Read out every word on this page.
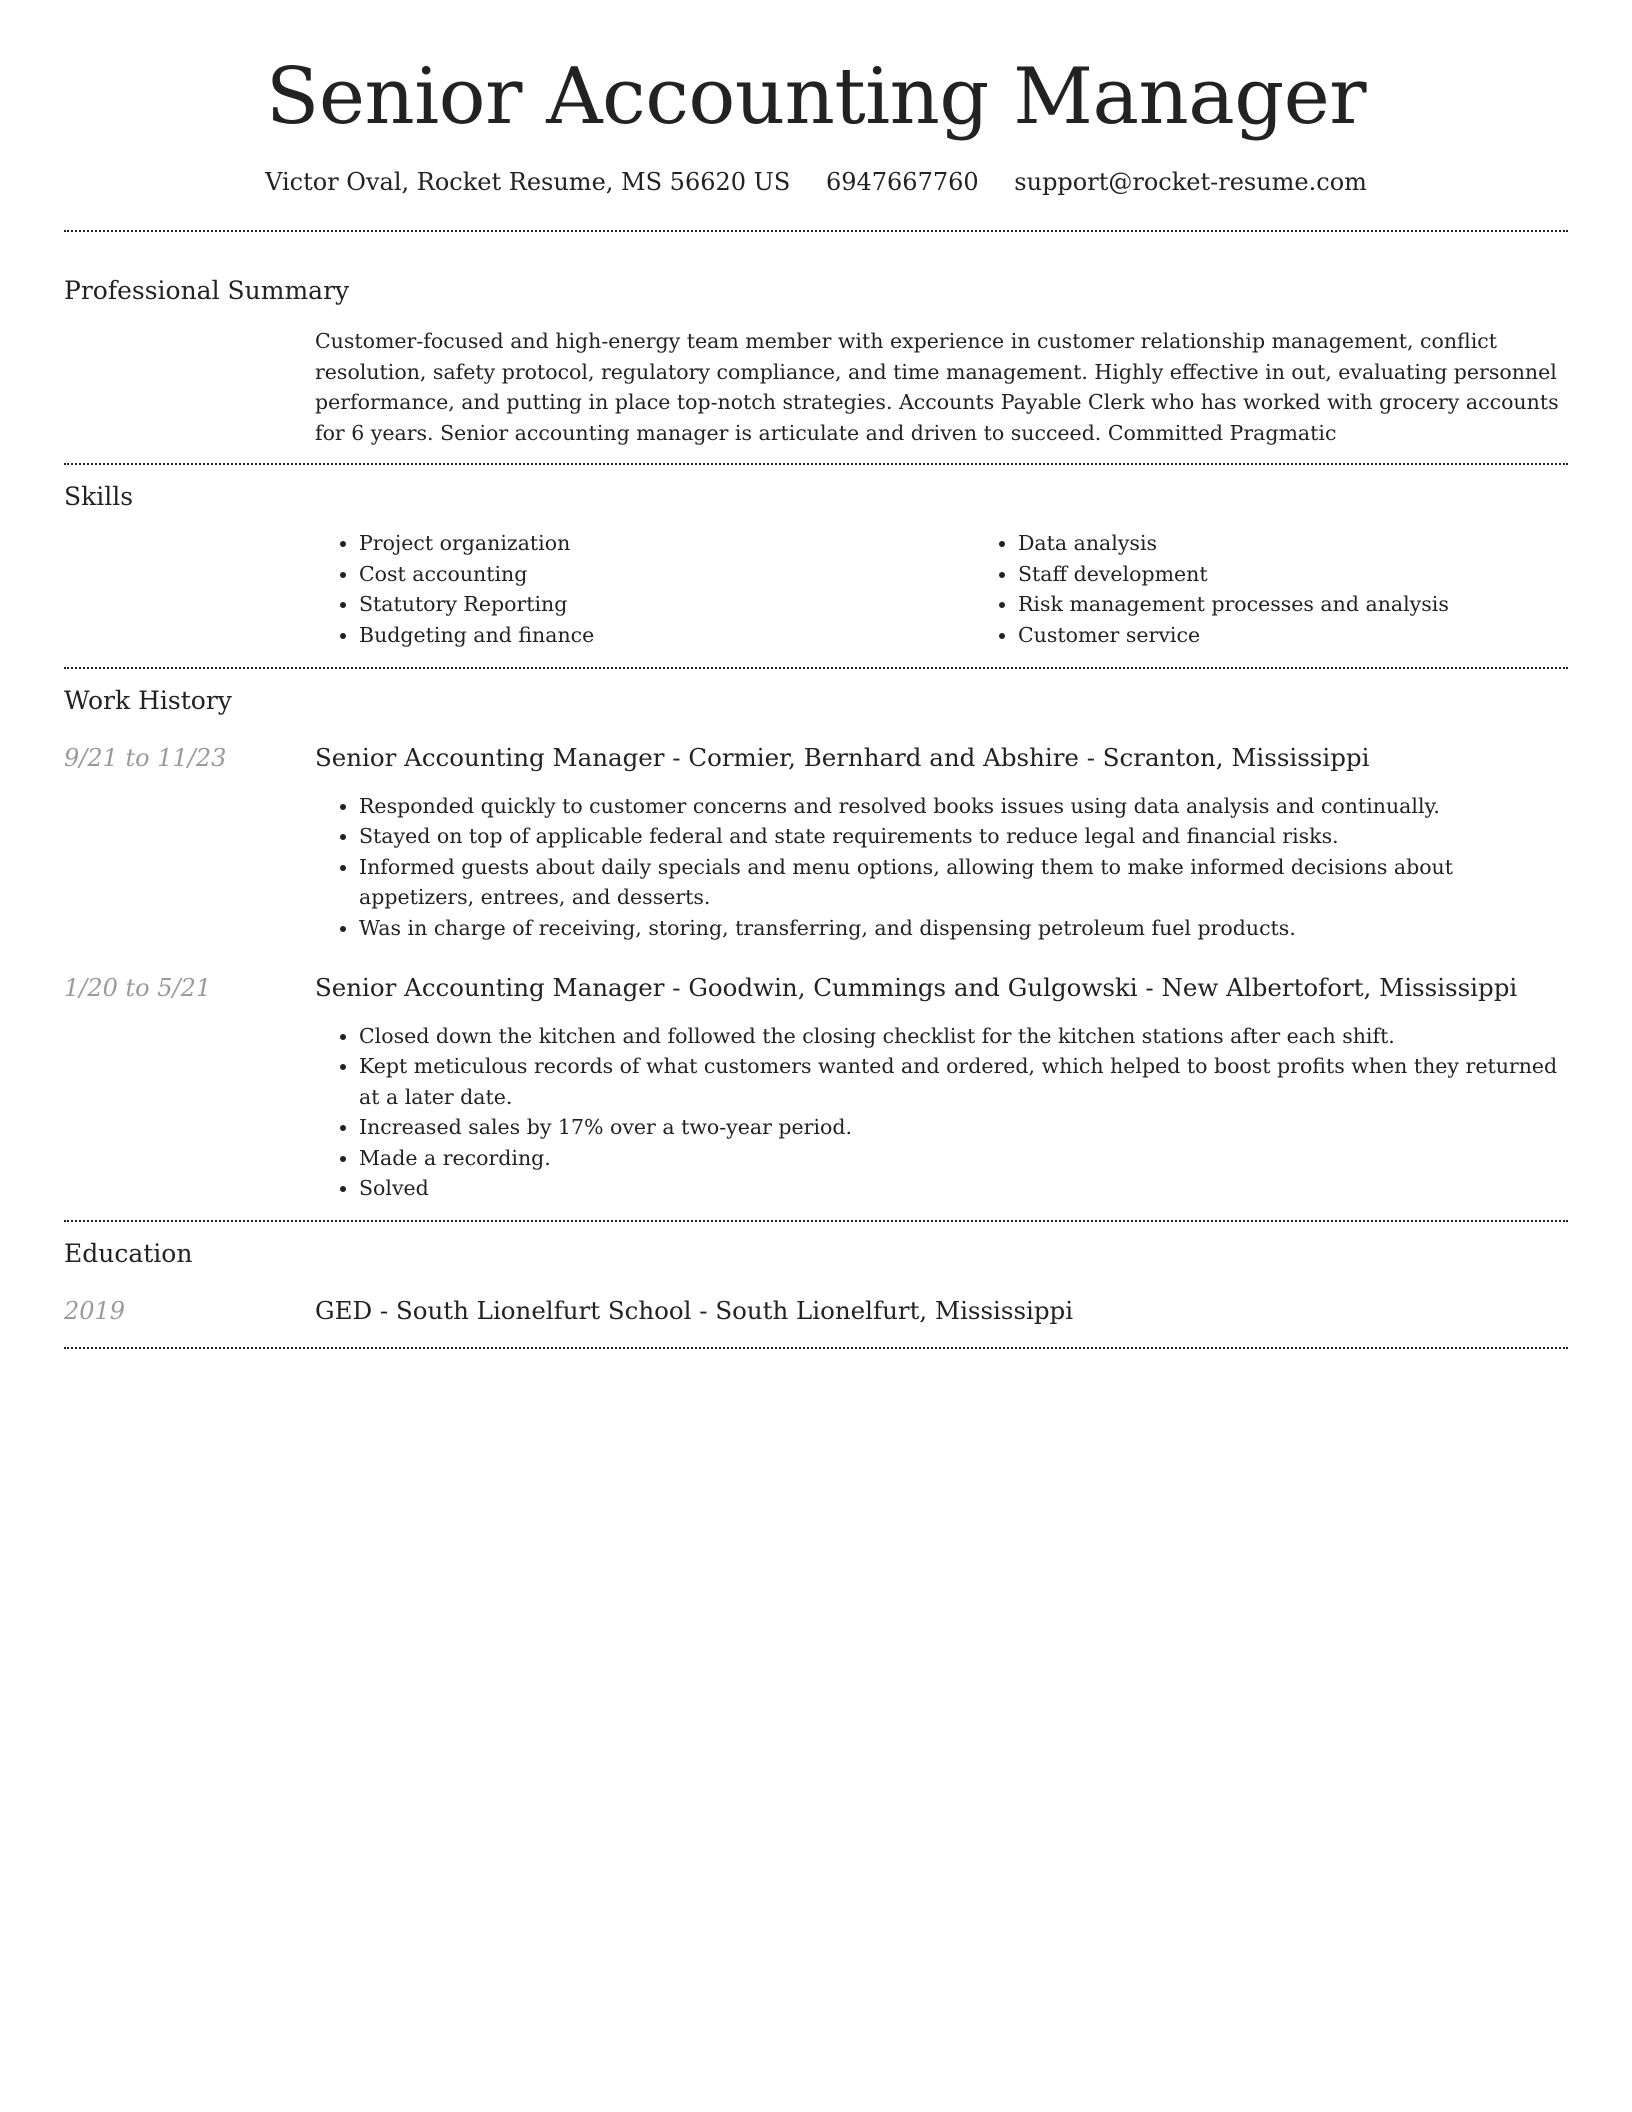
Senior Accounting Manager
Victor Oval, Rocket Resume, MS 56620 US 6947667760 support@rocket-resume.com
Professional Summary

Customer-focused and high-energy team member with experience in customer relationship management, conflict resolution, safety protocol, regulatory compliance, and time management. Highly effective in out, evaluating personnel performance, and putting in place top-notch strategies. Accounts Payable Clerk who has worked with grocery accounts for 6 years. Senior accounting manager is articulate and driven to succeed. Committed Pragmatic

Skills
• Project organization
• Cost accounting
• Statutory Reporting
• Budgeting and finance
• Data analysis
• Staff development
• Risk management processes and analysis
• Customer service
Work History
9/21 to 11/23	Senior Accounting Manager - Cormier, Bernhard and Abshire - Scranton, Mississippi
• Responded quickly to customer concerns and resolved books issues using data analysis and continually.
• Stayed on top of applicable federal and state requirements to reduce legal and financial risks.
• Informed guests about daily specials and menu options, allowing them to make informed decisions about appetizers, entrees, and desserts.
• Was in charge of receiving, storing, transferring, and dispensing petroleum fuel products.
1/20 to 5/21	Senior Accounting Manager - Goodwin, Cummings and Gulgowski - New Albertofort, Mississippi
• Closed down the kitchen and followed the closing checklist for the kitchen stations after each shift.
• Kept meticulous records of what customers wanted and ordered, which helped to boost profits when they returned at a later date.
• Increased sales by 17% over a two-year period.
• Made a recording.
• Solved
Education
2019	GED - South Lionelfurt School - South Lionelfurt, Mississippi
